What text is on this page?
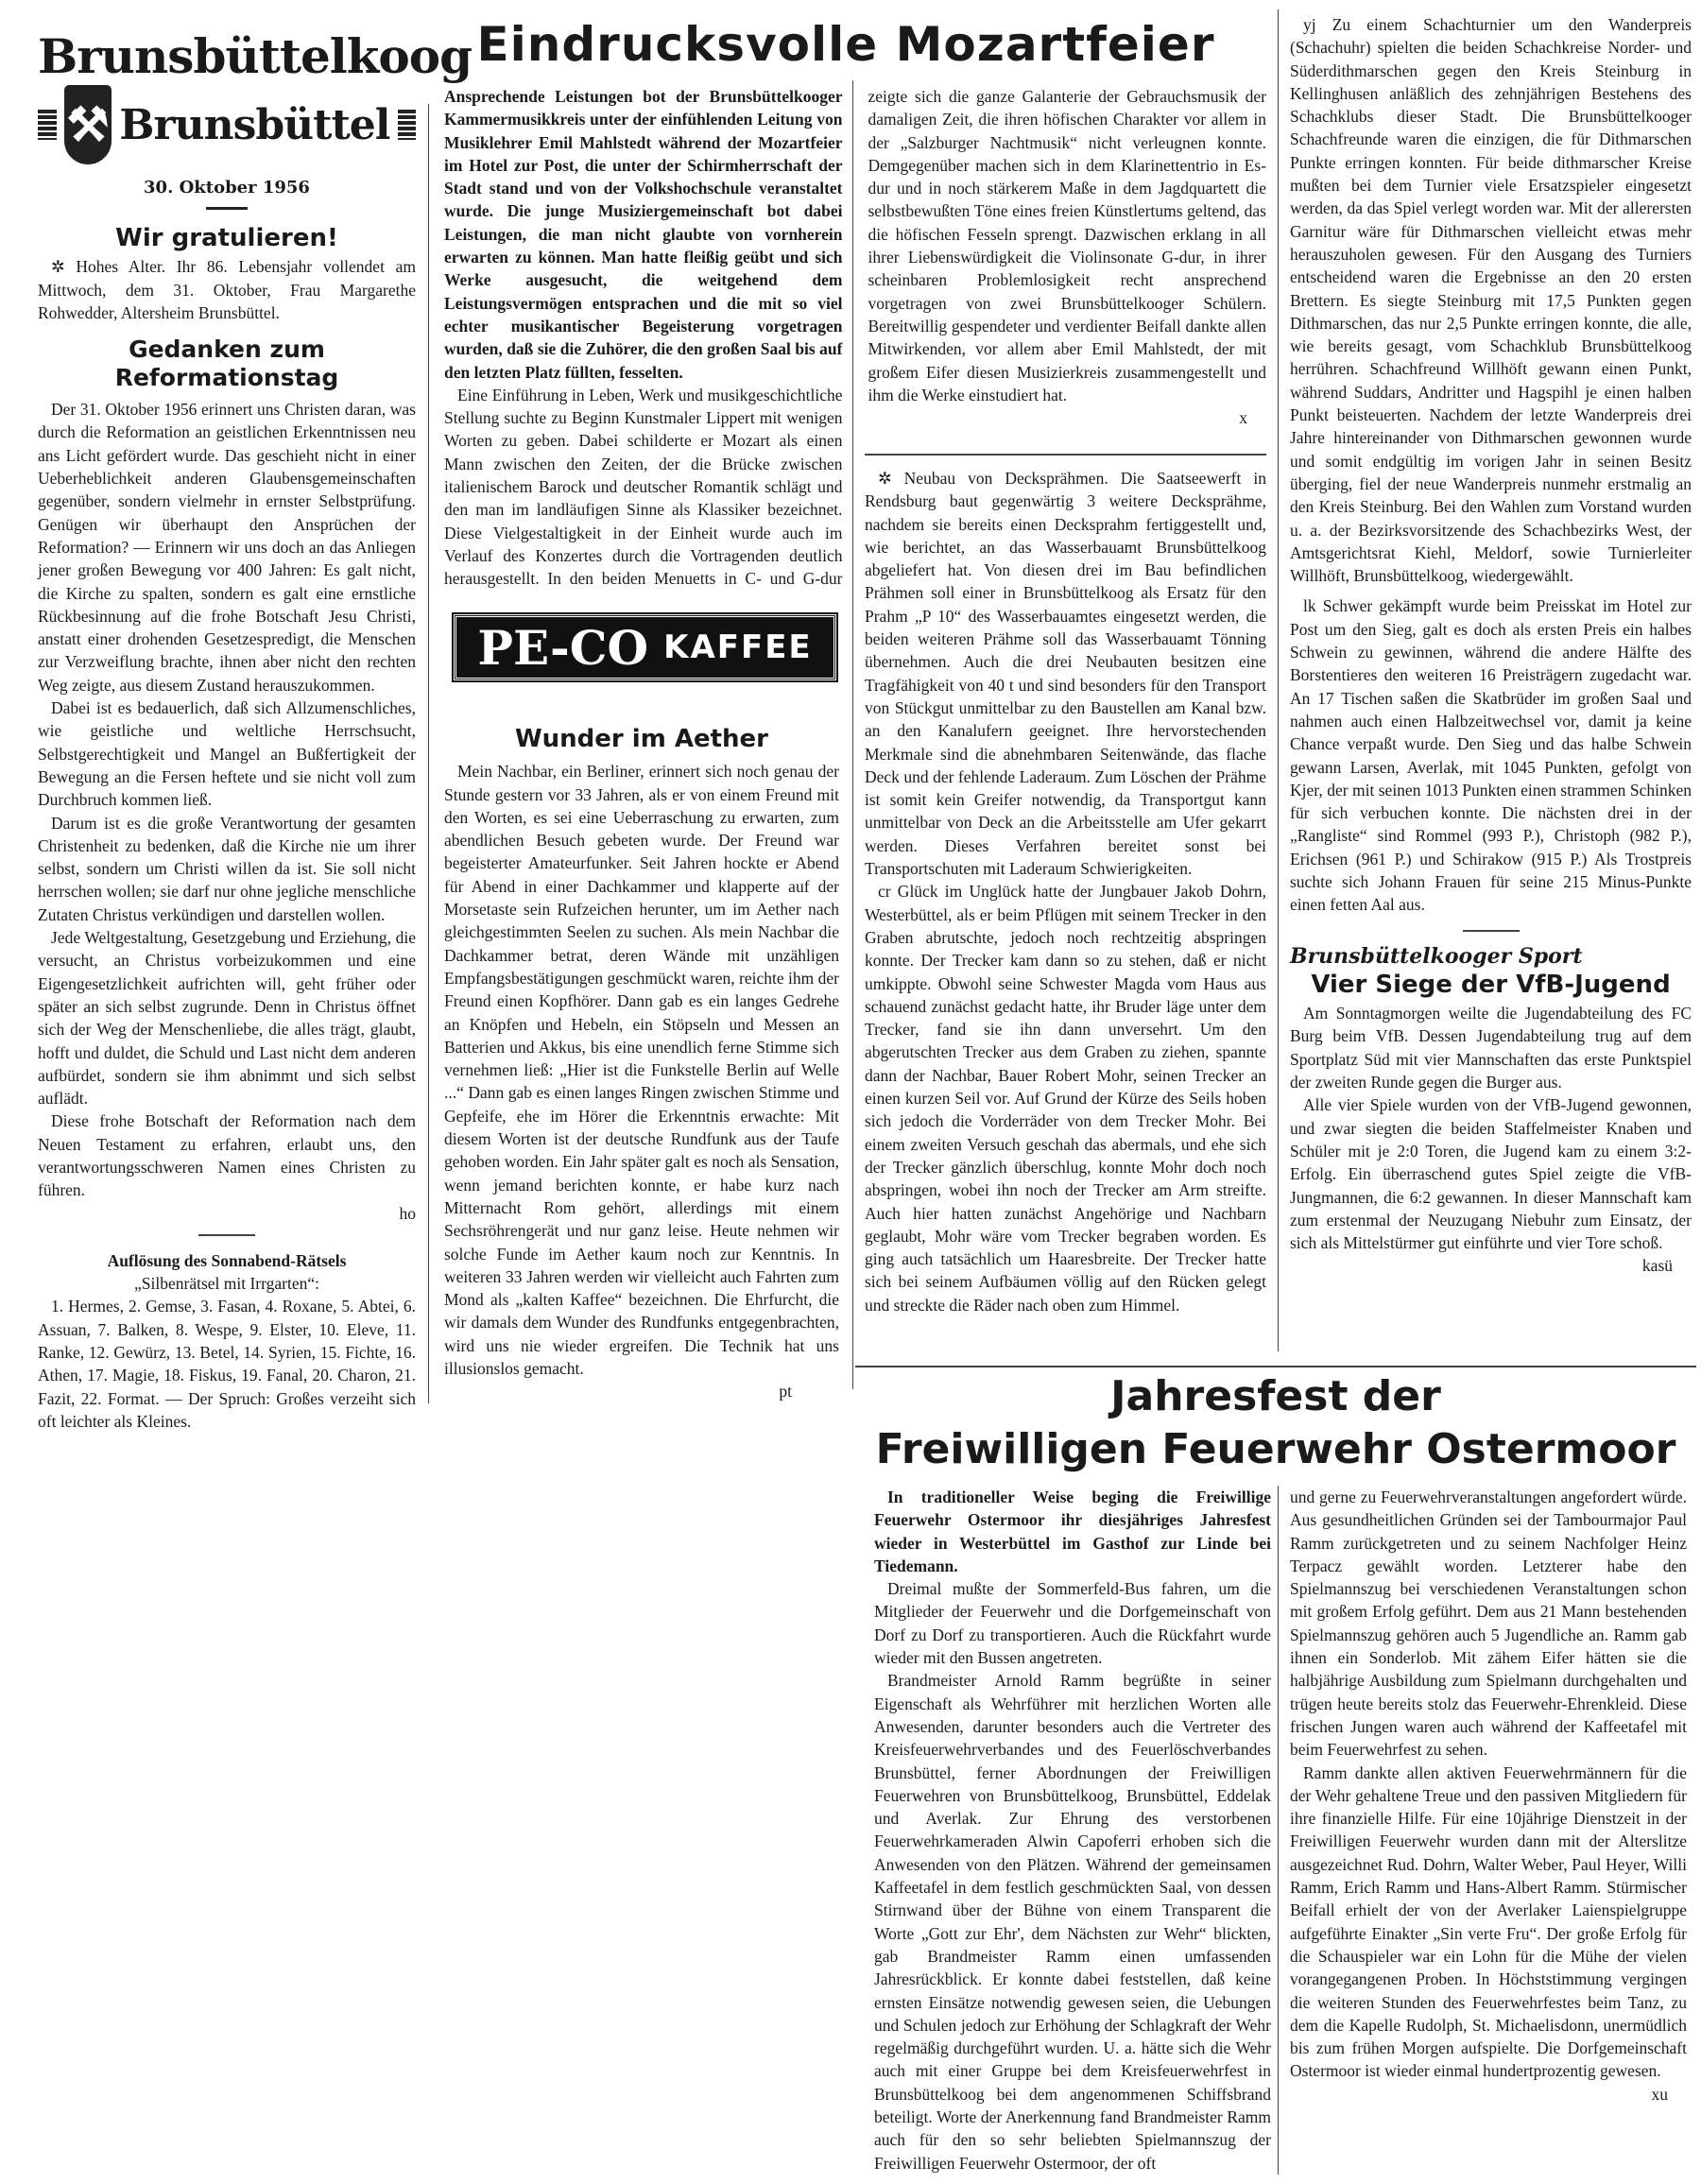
Brunsbüttelkoog
⚒ Brunsbüttel
30. Oktober 1956
Wir gratulieren!

✲ Hohes Alter. Ihr 86. Lebensjahr vollendet am Mittwoch, dem 31. Oktober, Frau Margarethe Rohwedder, Altersheim Brunsbüttel.

Gedanken zum Reformationstag

Der 31. Oktober 1956 erinnert uns Christen daran, was durch die Reformation an geistlichen Erkenntnissen neu ans Licht gefördert wurde. Das geschieht nicht in einer Ueberheblichkeit anderen Glaubensgemeinschaften gegenüber, sondern vielmehr in ernster Selbstprüfung. Genügen wir überhaupt den Ansprüchen der Reformation? — Erinnern wir uns doch an das Anliegen jener großen Bewegung vor 400 Jahren: Es galt nicht, die Kirche zu spalten, sondern es galt eine ernstliche Rückbesinnung auf die frohe Botschaft Jesu Christi, anstatt einer drohenden Gesetzespredigt, die Menschen zur Verzweiflung brachte, ihnen aber nicht den rechten Weg zeigte, aus diesem Zustand herauszukommen.

Dabei ist es bedauerlich, daß sich Allzumenschliches, wie geistliche und weltliche Herrschsucht, Selbstgerechtigkeit und Mangel an Bußfertigkeit der Bewegung an die Fersen heftete und sie nicht voll zum Durchbruch kommen ließ.

Darum ist es die große Verantwortung der gesamten Christenheit zu bedenken, daß die Kirche nie um ihrer selbst, sondern um Christi willen da ist. Sie soll nicht herrschen wollen; sie darf nur ohne jegliche menschliche Zutaten Christus verkündigen und darstellen wollen.

Jede Weltgestaltung, Gesetzgebung und Erziehung, die versucht, an Christus vorbeizukommen und eine Eigengesetzlichkeit aufrichten will, geht früher oder später an sich selbst zugrunde. Denn in Christus öffnet sich der Weg der Menschenliebe, die alles trägt, glaubt, hofft und duldet, die Schuld und Last nicht dem anderen aufbürdet, sondern sie ihm abnimmt und sich selbst auflädt.

Diese frohe Botschaft der Reformation nach dem Neuen Testament zu erfahren, erlaubt uns, den verantwortungsschweren Namen eines Christen zu führen.

ho
Auflösung des Sonnabend-Rätsels
„Silbenrätsel mit Irrgarten“:

1. Hermes, 2. Gemse, 3. Fasan, 4. Roxane, 5. Abtei, 6. Assuan, 7. Balken, 8. Wespe, 9. Elster, 10. Eleve, 11. Ranke, 12. Gewürz, 13. Betel, 14. Syrien, 15. Fichte, 16. Athen, 17. Magie, 18. Fiskus, 19. Fanal, 20. Charon, 21. Fazit, 22. Format. — Der Spruch: Großes verzeiht sich oft leichter als Kleines.

Eindrucksvolle Mozartfeier

Ansprechende Leistungen bot der Brunsbüttelkooger Kammermusikkreis unter der einfühlenden Leitung von Musiklehrer Emil Mahlstedt während der Mozartfeier im Hotel zur Post, die unter der Schirmherrschaft der Stadt stand und von der Volkshochschule veranstaltet wurde. Die junge Musiziergemeinschaft bot dabei Leistungen, die man nicht glaubte von vornherein erwarten zu können. Man hatte fleißig geübt und sich Werke ausgesucht, die weitgehend dem Leistungsvermögen entsprachen und die mit so viel echter musikantischer Begeisterung vorgetragen wurden, daß sie die Zuhörer, die den großen Saal bis auf den letzten Platz füllten, fesselten.

Eine Einführung in Leben, Werk und musikgeschichtliche Stellung suchte zu Beginn Kunstmaler Lippert mit wenigen Worten zu geben. Dabei schilderte er Mozart als einen Mann zwischen den Zeiten, der die Brücke zwischen italienischem Barock und deutscher Romantik schlägt und den man im landläufigen Sinne als Klassiker bezeichnet. Diese Vielgestaltigkeit in der Einheit wurde auch im Verlauf des Konzertes durch die Vortragenden deutlich herausgestellt. In den beiden Menuetts in C- und G-dur zeigte sich die ganze Galanterie der Gebrauchsmusik der damaligen Zeit, die ihren höfischen Charakter vor allem in der „Salzburger Nachtmusik“ nicht verleugnen konnte. Demgegenüber machen sich in dem Klarinettentrio in Es-dur und in noch stärkerem Maße in dem Jagdquartett die selbstbewußten Töne eines freien Künstlertums geltend, das die höfischen Fesseln sprengt. Dazwischen erklang in all ihrer Liebenswürdigkeit die Violinsonate G-dur, in ihrer scheinbaren Problemlosigkeit recht ansprechend vorgetragen von zwei Brunsbüttelkooger Schülern. Bereitwillig gespendeter und verdienter Beifall dankte allen Mitwirkenden, vor allem aber Emil Mahlstedt, der mit großem Eifer diesen Musizierkreis zusammengestellt und ihm die Werke einstudiert hat.

x
PE-CO KAFFEE
Wunder im Aether

Mein Nachbar, ein Berliner, erinnert sich noch genau der Stunde gestern vor 33 Jahren, als er von einem Freund mit den Worten, es sei eine Ueberraschung zu erwarten, zum abendlichen Besuch gebeten wurde. Der Freund war begeisterter Amateurfunker. Seit Jahren hockte er Abend für Abend in einer Dachkammer und klapperte auf der Morsetaste sein Rufzeichen herunter, um im Aether nach gleichgestimmten Seelen zu suchen. Als mein Nachbar die Dachkammer betrat, deren Wände mit unzähligen Empfangsbestätigungen geschmückt waren, reichte ihm der Freund einen Kopfhörer. Dann gab es ein langes Gedrehe an Knöpfen und Hebeln, ein Stöpseln und Messen an Batterien und Akkus, bis eine unendlich ferne Stimme sich vernehmen ließ: „Hier ist die Funkstelle Berlin auf Welle ...“ Dann gab es einen langes Ringen zwischen Stimme und Gepfeife, ehe im Hörer die Erkenntnis erwachte: Mit diesem Worten ist der deutsche Rundfunk aus der Taufe gehoben worden. Ein Jahr später galt es noch als Sensation, wenn jemand berichten konnte, er habe kurz nach Mitternacht Rom gehört, allerdings mit einem Sechsröhrengerät und nur ganz leise. Heute nehmen wir solche Funde im Aether kaum noch zur Kenntnis. In weiteren 33 Jahren werden wir vielleicht auch Fahrten zum Mond als „kalten Kaffee“ bezeichnen. Die Ehrfurcht, die wir damals dem Wunder des Rundfunks entgegenbrachten, wird uns nie wieder ergreifen. Die Technik hat uns illusionslos gemacht.

pt

✲ Neubau von Decksprähmen. Die Saatseewerft in Rendsburg baut gegenwärtig 3 weitere Decksprähme, nachdem sie bereits einen Decksprahm fertiggestellt und, wie berichtet, an das Wasserbauamt Brunsbüttelkoog abgeliefert hat. Von diesen drei im Bau befindlichen Prähmen soll einer in Brunsbüttelkoog als Ersatz für den Prahm „P 10“ des Wasserbauamtes eingesetzt werden, die beiden weiteren Prähme soll das Wasserbauamt Tönning übernehmen. Auch die drei Neubauten besitzen eine Tragfähigkeit von 40 t und sind besonders für den Transport von Stückgut unmittelbar zu den Baustellen am Kanal bzw. an den Kanalufern geeignet. Ihre hervorstechenden Merkmale sind die abnehmbaren Seitenwände, das flache Deck und der fehlende Laderaum. Zum Löschen der Prähme ist somit kein Greifer notwendig, da Transportgut kann unmittelbar von Deck an die Arbeitsstelle am Ufer gekarrt werden. Dieses Verfahren bereitet sonst bei Transportschuten mit Laderaum Schwierigkeiten.

cr Glück im Unglück hatte der Jungbauer Jakob Dohrn, Westerbüttel, als er beim Pflügen mit seinem Trecker in den Graben abrutschte, jedoch noch rechtzeitig abspringen konnte. Der Trecker kam dann so zu stehen, daß er nicht umkippte. Obwohl seine Schwester Magda vom Haus aus schauend zunächst gedacht hatte, ihr Bruder läge unter dem Trecker, fand sie ihn dann unversehrt. Um den abgerutschten Trecker aus dem Graben zu ziehen, spannte dann der Nachbar, Bauer Robert Mohr, seinen Trecker an einen kurzen Seil vor. Auf Grund der Kürze des Seils hoben sich jedoch die Vorderräder von dem Trecker Mohr. Bei einem zweiten Versuch geschah das abermals, und ehe sich der Trecker gänzlich überschlug, konnte Mohr doch noch abspringen, wobei ihn noch der Trecker am Arm streifte. Auch hier hatten zunächst Angehörige und Nachbarn geglaubt, Mohr wäre vom Trecker begraben worden. Es ging auch tatsächlich um Haaresbreite. Der Trecker hatte sich bei seinem Aufbäumen völlig auf den Rücken gelegt und streckte die Räder nach oben zum Himmel.

yj Zu einem Schachturnier um den Wanderpreis (Schachuhr) spielten die beiden Schachkreise Norder- und Süderdithmarschen gegen den Kreis Steinburg in Kellinghusen anläßlich des zehnjährigen Bestehens des Schachklubs dieser Stadt. Die Brunsbüttelkooger Schachfreunde waren die einzigen, die für Dithmarschen Punkte erringen konnten. Für beide dithmarscher Kreise mußten bei dem Turnier viele Ersatzspieler eingesetzt werden, da das Spiel verlegt worden war. Mit der allerersten Garnitur wäre für Dithmarschen vielleicht etwas mehr herauszuholen gewesen. Für den Ausgang des Turniers entscheidend waren die Ergebnisse an den 20 ersten Brettern. Es siegte Steinburg mit 17,5 Punkten gegen Dithmarschen, das nur 2,5 Punkte erringen konnte, die alle, wie bereits gesagt, vom Schachklub Brunsbüttelkoog herrühren. Schachfreund Willhöft gewann einen Punkt, während Suddars, Andritter und Hagspihl je einen halben Punkt beisteuerten. Nachdem der letzte Wanderpreis drei Jahre hintereinander von Dithmarschen gewonnen wurde und somit endgültig im vorigen Jahr in seinen Besitz überging, fiel der neue Wanderpreis nunmehr erstmalig an den Kreis Steinburg. Bei den Wahlen zum Vorstand wurden u. a. der Bezirksvorsitzende des Schachbezirks West, der Amtsgerichtsrat Kiehl, Meldorf, sowie Turnierleiter Willhöft, Brunsbüttelkoog, wiedergewählt.

lk Schwer gekämpft wurde beim Preisskat im Hotel zur Post um den Sieg, galt es doch als ersten Preis ein halbes Schwein zu gewinnen, während die andere Hälfte des Borstentieres den weiteren 16 Preisträgern zugedacht war. An 17 Tischen saßen die Skatbrüder im großen Saal und nahmen auch einen Halbzeitwechsel vor, damit ja keine Chance verpaßt wurde. Den Sieg und das halbe Schwein gewann Larsen, Averlak, mit 1045 Punkten, gefolgt von Kjer, der mit seinen 1013 Punkten einen strammen Schinken für sich verbuchen konnte. Die nächsten drei in der „Rangliste“ sind Rommel (993 P.), Christoph (982 P.), Erichsen (961 P.) und Schirakow (915 P.) Als Trostpreis suchte sich Johann Frauen für seine 215 Minus-Punkte einen fetten Aal aus.

Brunsbüttelkooger Sport
Vier Siege der VfB-Jugend

Am Sonntagmorgen weilte die Jugendabteilung des FC Burg beim VfB. Dessen Jugendabteilung trug auf dem Sportplatz Süd mit vier Mannschaften das erste Punktspiel der zweiten Runde gegen die Burger aus.

Alle vier Spiele wurden von der VfB-Jugend gewonnen, und zwar siegten die beiden Staffelmeister Knaben und Schüler mit je 2:0 Toren, die Jugend kam zu einem 3:2-Erfolg. Ein überraschend gutes Spiel zeigte die VfB-Jungmannen, die 6:2 gewannen. In dieser Mannschaft kam zum erstenmal der Neuzugang Niebuhr zum Einsatz, der sich als Mittelstürmer gut einführte und vier Tore schoß.

kasü
Jahresfest der
Freiwilligen Feuerwehr Ostermoor

In traditioneller Weise beging die Freiwillige Feuerwehr Ostermoor ihr diesjähriges Jahresfest wieder in Westerbüttel im Gasthof zur Linde bei Tiedemann.

Dreimal mußte der Sommerfeld-Bus fahren, um die Mitglieder der Feuerwehr und die Dorfgemeinschaft von Dorf zu Dorf zu transportieren. Auch die Rückfahrt wurde wieder mit den Bussen angetreten.

Brandmeister Arnold Ramm begrüßte in seiner Eigenschaft als Wehrführer mit herzlichen Worten alle Anwesenden, darunter besonders auch die Vertreter des Kreisfeuerwehrverbandes und des Feuerlöschverbandes Brunsbüttel, ferner Abordnungen der Freiwilligen Feuerwehren von Brunsbüttelkoog, Brunsbüttel, Eddelak und Averlak. Zur Ehrung des verstorbenen Feuerwehrkameraden Alwin Capoferri erhoben sich die Anwesenden von den Plätzen. Während der gemeinsamen Kaffeetafel in dem festlich geschmückten Saal, von dessen Stirnwand über der Bühne von einem Transparent die Worte „Gott zur Ehr', dem Nächsten zur Wehr“ blickten, gab Brandmeister Ramm einen umfassenden Jahresrückblick. Er konnte dabei feststellen, daß keine ernsten Einsätze notwendig gewesen seien, die Uebungen und Schulen jedoch zur Erhöhung der Schlagkraft der Wehr regelmäßig durchgeführt wurden. U. a. hätte sich die Wehr auch mit einer Gruppe bei dem Kreisfeuerwehrfest in Brunsbüttelkoog bei dem angenommenen Schiffsbrand beteiligt. Worte der Anerkennung fand Brandmeister Ramm auch für den so sehr beliebten Spielmannszug der Freiwilligen Feuerwehr Ostermoor, der oft

und gerne zu Feuerwehrveranstaltungen angefordert würde. Aus gesundheitlichen Gründen sei der Tambourmajor Paul Ramm zurückgetreten und zu seinem Nachfolger Heinz Terpacz gewählt worden. Letzterer habe den Spielmannszug bei verschiedenen Veranstaltungen schon mit großem Erfolg geführt. Dem aus 21 Mann bestehenden Spielmannszug gehören auch 5 Jugendliche an. Ramm gab ihnen ein Sonderlob. Mit zähem Eifer hätten sie die halbjährige Ausbildung zum Spielmann durchgehalten und trügen heute bereits stolz das Feuerwehr-Ehrenkleid. Diese frischen Jungen waren auch während der Kaffeetafel mit beim Feuerwehrfest zu sehen.

Ramm dankte allen aktiven Feuerwehrmännern für die der Wehr gehaltene Treue und den passiven Mitgliedern für ihre finanzielle Hilfe. Für eine 10jährige Dienstzeit in der Freiwilligen Feuerwehr wurden dann mit der Alterslitze ausgezeichnet Rud. Dohrn, Walter Weber, Paul Heyer, Willi Ramm, Erich Ramm und Hans-Albert Ramm. Stürmischer Beifall erhielt der von der Averlaker Laienspielgruppe aufgeführte Einakter „Sin verte Fru“. Der große Erfolg für die Schauspieler war ein Lohn für die Mühe der vielen vorangegangenen Proben. In Höchststimmung vergingen die weiteren Stunden des Feuerwehrfestes beim Tanz, zu dem die Kapelle Rudolph, St. Michaelisdonn, unermüdlich bis zum frühen Morgen aufspielte. Die Dorfgemeinschaft Ostermoor ist wieder einmal hundertprozentig gewesen.

xu
